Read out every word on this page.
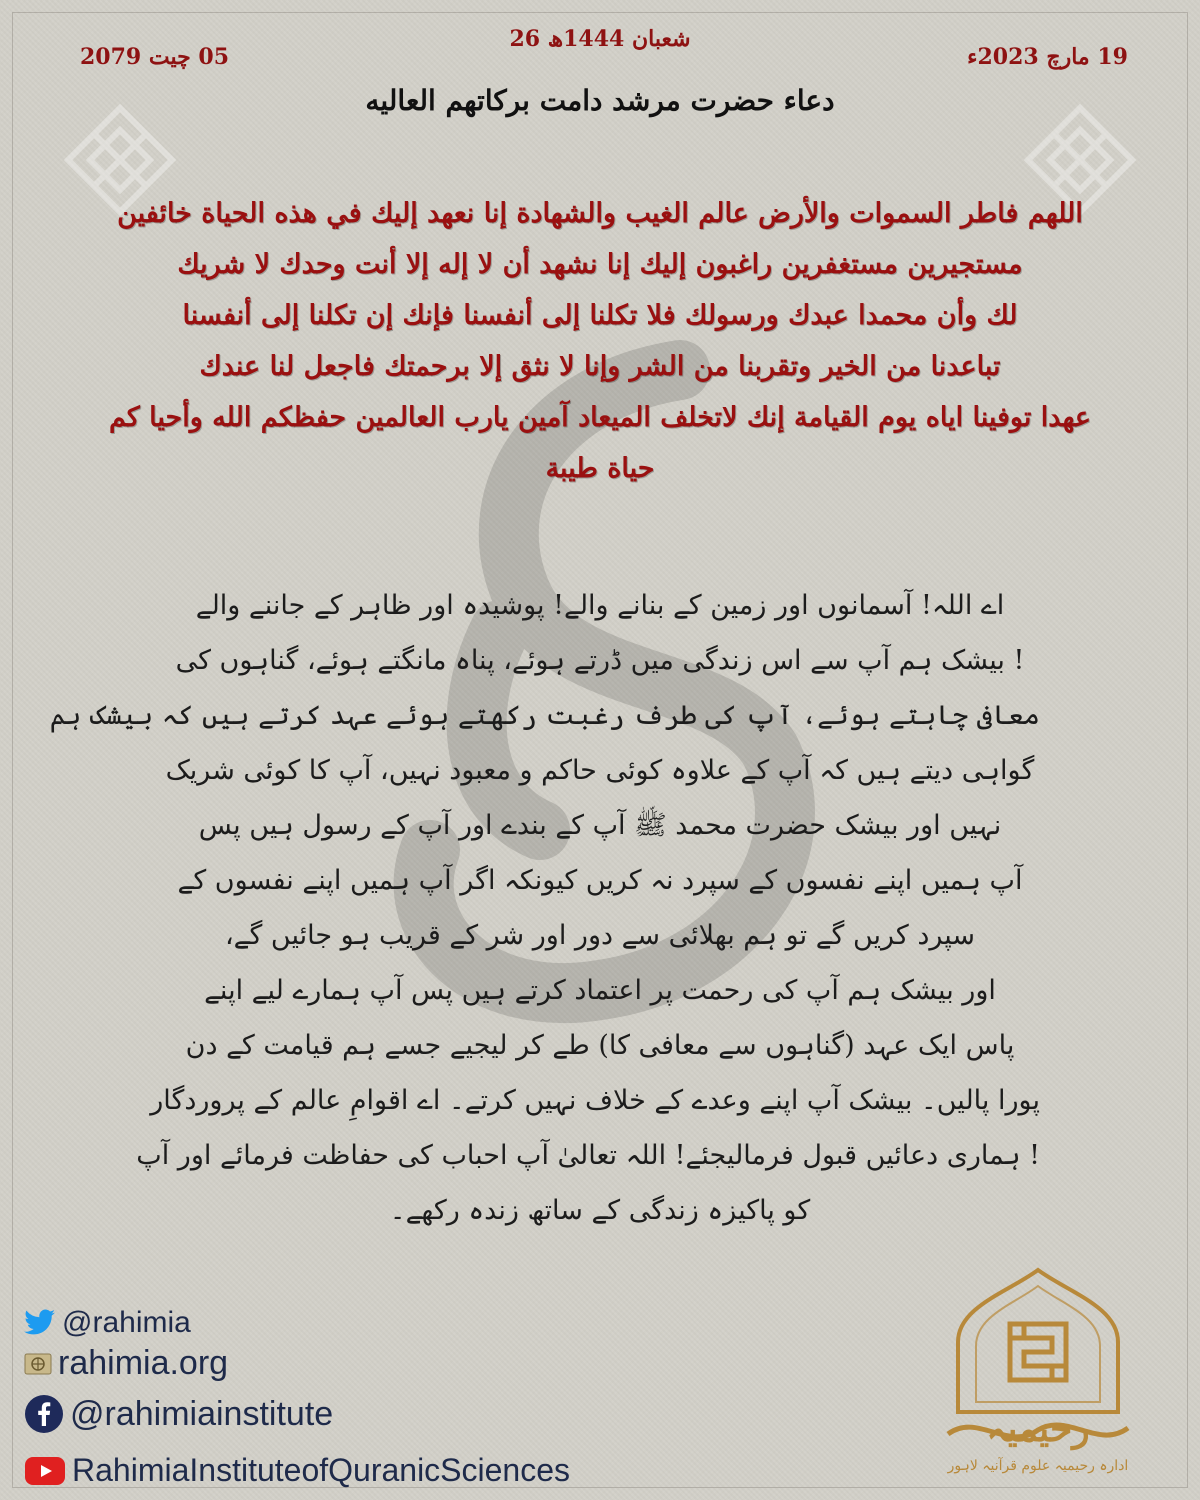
26 شعبان 1444ھ
05 چیت 2079	19 مارچ 2023ء
دعاء حضرت مرشد دامت برکاتھم العالیه
اللهم فاطر السموات والأرض عالم الغيب والشهادة إنا نعهد إليك في هذه الحياة خائفين
مستجيرين مستغفرين راغبون إليك إنا نشهد أن لا إله إلا أنت وحدك لا شريك
لك وأن محمدا عبدك ورسولك فلا تكلنا إلى أنفسنا فإنك إن تكلنا إلى أنفسنا
تباعدنا من الخير وتقربنا من الشر وإنا لا نثق إلا برحمتك فاجعل لنا عندك
عهدا توفينا اياه يوم القيامة إنك لاتخلف الميعاد آمين يارب العالمين حفظكم الله وأحيا كم
حياة طيبة
اے اللہ! آسمانوں اور زمین کے بنانے والے! پوشیدہ اور ظاہر کے جاننے والے
! بیشک ہم آپ سے اس زندگی میں ڈرتے ہوئے، پناہ مانگتے ہوئے، گناہوں کی
معافی چاہتے ہوئے، آپ کی طرف رغبت رکھتے ہوئے عہد کرتے ہیں کہ بیشک ہم
گواہی دیتے ہیں کہ آپ کے علاوہ کوئی حاکم و معبود نہیں، آپ کا کوئی شریک
نہیں اور بیشک حضرت محمد ﷺ آپ کے بندے اور آپ کے رسول ہیں پس
آپ ہمیں اپنے نفسوں کے سپرد نہ کریں کیونکہ اگر آپ ہمیں اپنے نفسوں کے
سپرد کریں گے تو ہم بھلائی سے دور اور شر کے قریب ہو جائیں گے،
اور بیشک ہم آپ کی رحمت پر اعتماد کرتے ہیں پس آپ ہمارے لیے اپنے
پاس ایک عہد (گناہوں سے معافی کا) طے کر لیجیے جسے ہم قیامت کے دن
پورا پالیں۔ بیشک آپ اپنے وعدے کے خلاف نہیں کرتے۔ اے اقوامِ عالم کے پروردگار
! ہماری دعائیں قبول فرمالیجئے! اللہ تعالیٰ آپ احباب کی حفاظت فرمائے اور آپ
کو پاکیزہ زندگی کے ساتھ زندہ رکھے۔
@rahimia
rahimia.org
@rahimiainstitute
RahimiaInstituteofQuranicSciences
رحیمیہ
ادارہ رحیمیہ علوم قرآنیہ لاہور
